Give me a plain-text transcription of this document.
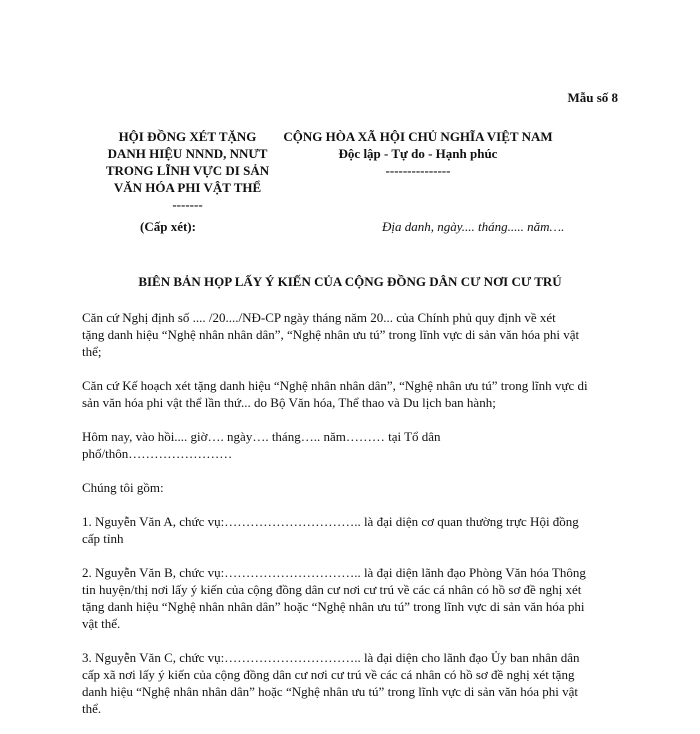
Mẫu số 8
HỘI ĐỒNG XÉT TẶNG
DANH HIỆU NNND, NNƯT
TRONG LĨNH VỰC DI SẢN
VĂN HÓA PHI VẬT THỂ
-------
CỘNG HÒA XÃ HỘI CHỦ NGHĨA VIỆT NAM
Độc lập - Tự do - Hạnh phúc
---------------
(Cấp xét):	Địa danh, ngày.... tháng..... năm….
BIÊN BẢN HỌP LẤY Ý KIẾN CỦA CỘNG ĐỒNG DÂN CƯ NƠI CƯ TRÚ

Căn cứ Nghị định số .... /20..../NĐ-CP ngày tháng năm 20... của Chính phủ quy định về xét
tặng danh hiệu “Nghệ nhân nhân dân”, “Nghệ nhân ưu tú” trong lĩnh vực di sản văn hóa phi vật
thể;

Căn cứ Kế hoạch xét tặng danh hiệu “Nghệ nhân nhân dân”, “Nghệ nhân ưu tú” trong lĩnh vực di
sản văn hóa phi vật thể lần thứ... do Bộ Văn hóa, Thể thao và Du lịch ban hành;

Hôm nay, vào hồi.... giờ…. ngày…. tháng….. năm……… tại Tổ dân
phố/thôn……………………

Chúng tôi gồm:

1. Nguyễn Văn A, chức vụ:………………………….. là đại diện cơ quan thường trực Hội đồng
cấp tỉnh

2. Nguyễn Văn B, chức vụ:………………………….. là đại diện lãnh đạo Phòng Văn hóa Thông
tin huyện/thị nơi lấy ý kiến của cộng đồng dân cư nơi cư trú về các cá nhân có hồ sơ đề nghị xét
tặng danh hiệu “Nghệ nhân nhân dân” hoặc “Nghệ nhân ưu tú” trong lĩnh vực di sản văn hóa phi
vật thể.

3. Nguyễn Văn C, chức vụ:………………………….. là đại diện cho lãnh đạo Ủy ban nhân dân
cấp xã nơi lấy ý kiến của cộng đồng dân cư nơi cư trú về các cá nhân có hồ sơ đề nghị xét tặng
danh hiệu “Nghệ nhân nhân dân” hoặc “Nghệ nhân ưu tú” trong lĩnh vực di sản văn hóa phi vật
thể.
